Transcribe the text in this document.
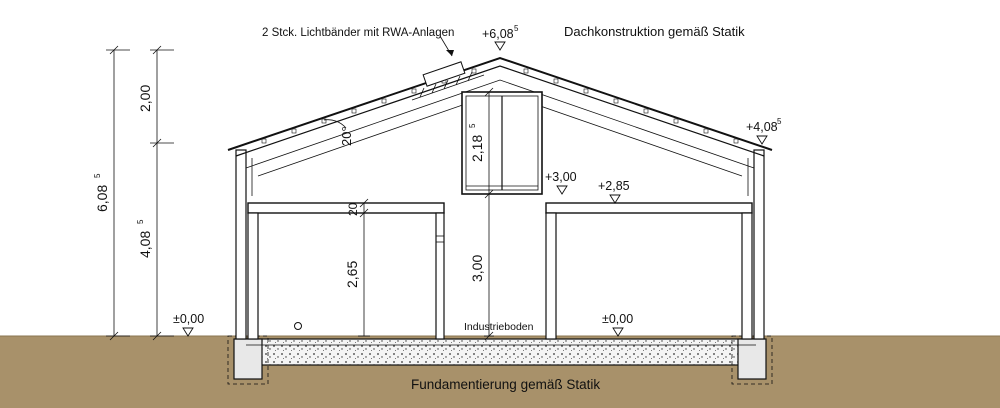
2 Stck. Lichtbänder mit RWA-Anlagen	Dachkonstruktion gemäß Statik
Fundamentierung gemäß Statik
Industrieboden
+6,08 5
+4,08 5
±0,00	±0,00
+3,00
+2,85
6,08
5
4,08
5
2,00
20°	2,18
5
2,65
20
3,00
